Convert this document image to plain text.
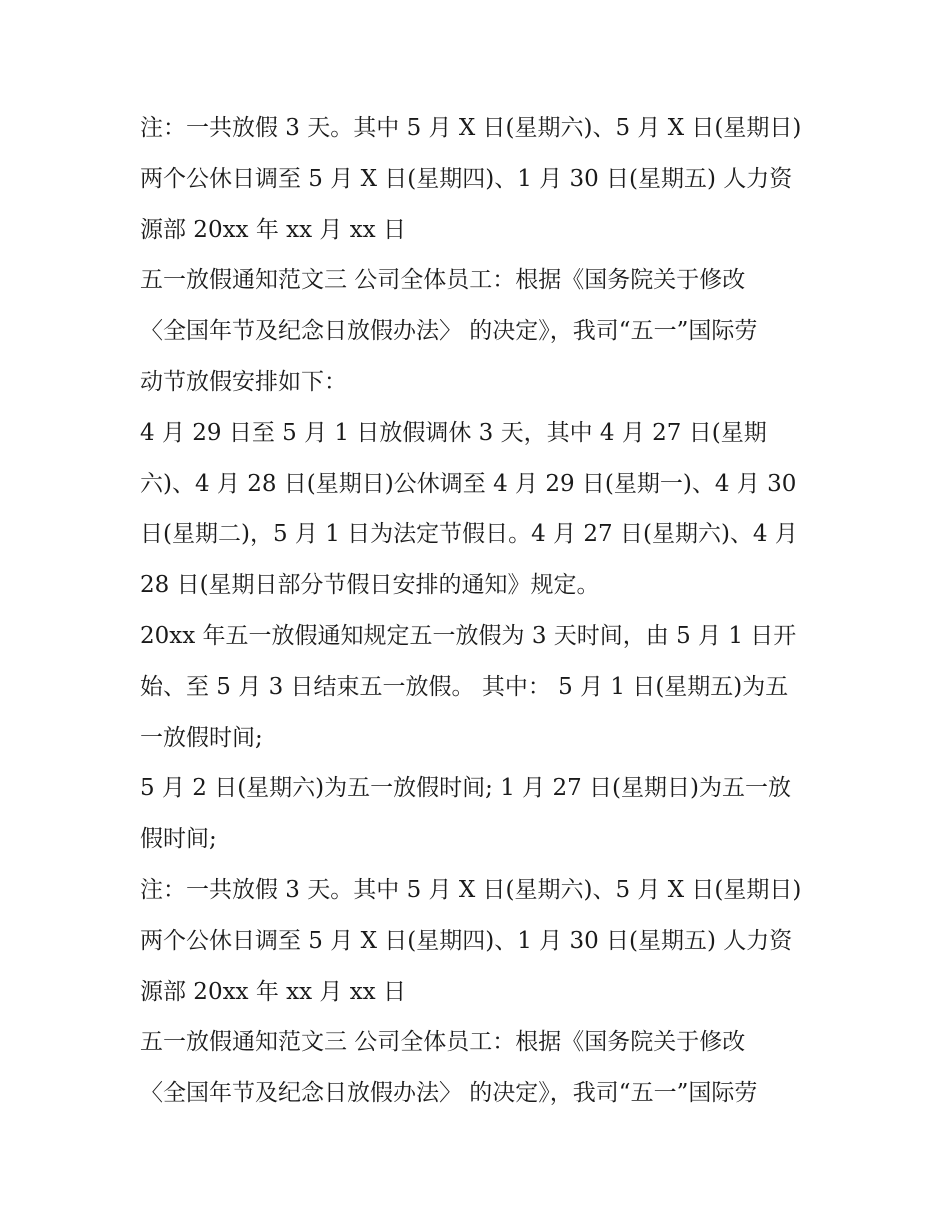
注：一共放假 3 天。其中 5 月 X 日(星期六)、5 月 X 日(星期日)
两个公休日调至 5 月 X 日(星期四)、1 月 30 日(星期五) 人力资
源部 20xx 年 xx 月 xx 日
五一放假通知范文三 公司全体员工：根据《国务院关于修改
〈全国年节及纪念日放假办法〉 的决定》，我司“五一”国际劳
动节放假安排如下：
4 月 29 日至 5 月 1 日放假调休 3 天，其中 4 月 27 日(星期
六)、4 月 28 日(星期日)公休调至 4 月 29 日(星期一)、4 月 30
日(星期二)，5 月 1 日为法定节假日。4 月 27 日(星期六)、4 月
28 日(星期日部分节假日安排的通知》规定。
20xx 年五一放假通知规定五一放假为 3 天时间，由 5 月 1 日开
始、至 5 月 3 日结束五一放假。 其中： 5 月 1 日(星期五)为五
一放假时间;
5 月 2 日(星期六)为五一放假时间; 1 月 27 日(星期日)为五一放
假时间;
注：一共放假 3 天。其中 5 月 X 日(星期六)、5 月 X 日(星期日)
两个公休日调至 5 月 X 日(星期四)、1 月 30 日(星期五) 人力资
源部 20xx 年 xx 月 xx 日
五一放假通知范文三 公司全体员工：根据《国务院关于修改
〈全国年节及纪念日放假办法〉 的决定》，我司“五一”国际劳
